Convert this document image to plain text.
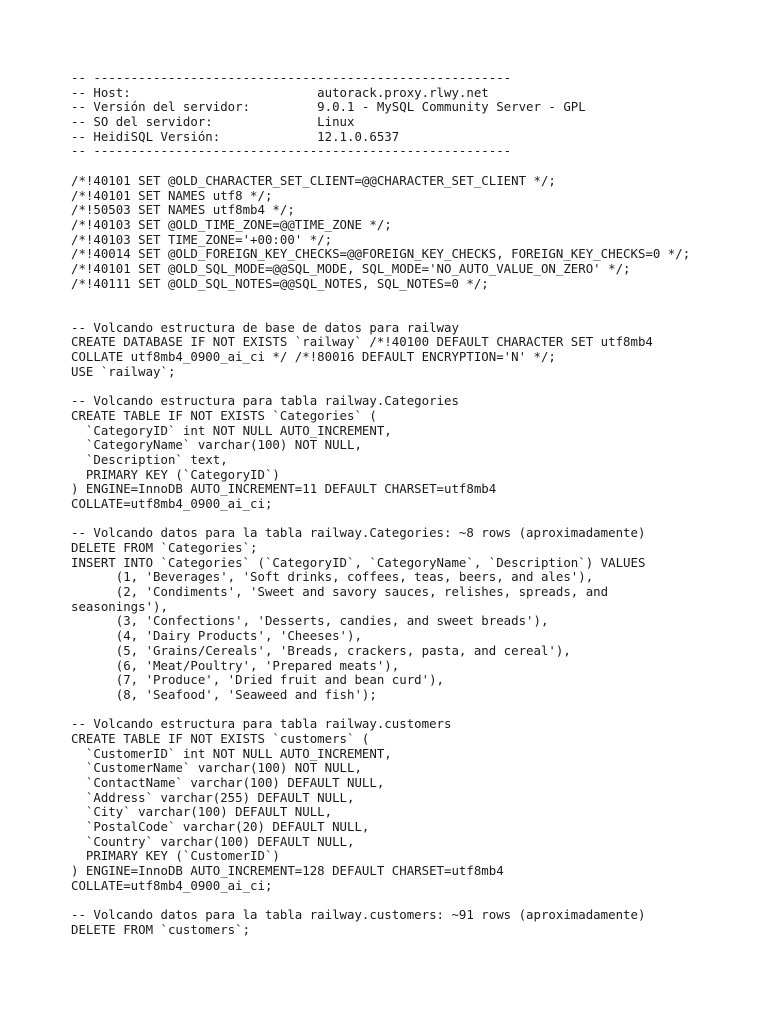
-- --------------------------------------------------------
-- Host:                         autorack.proxy.rlwy.net
-- Versión del servidor:         9.0.1 - MySQL Community Server - GPL
-- SO del servidor:              Linux
-- HeidiSQL Versión:             12.1.0.6537
-- --------------------------------------------------------
/*!40101 SET @OLD_CHARACTER_SET_CLIENT=@@CHARACTER_SET_CLIENT */;
/*!40101 SET NAMES utf8 */;
/*!50503 SET NAMES utf8mb4 */;
/*!40103 SET @OLD_TIME_ZONE=@@TIME_ZONE */;
/*!40103 SET TIME_ZONE='+00:00' */;
/*!40014 SET @OLD_FOREIGN_KEY_CHECKS=@@FOREIGN_KEY_CHECKS, FOREIGN_KEY_CHECKS=0 */;
/*!40101 SET @OLD_SQL_MODE=@@SQL_MODE, SQL_MODE='NO_AUTO_VALUE_ON_ZERO' */;
/*!40111 SET @OLD_SQL_NOTES=@@SQL_NOTES, SQL_NOTES=0 */;
-- Volcando estructura de base de datos para railway
CREATE DATABASE IF NOT EXISTS `railway` /*!40100 DEFAULT CHARACTER SET utf8mb4
COLLATE utf8mb4_0900_ai_ci */ /*!80016 DEFAULT ENCRYPTION='N' */;
USE `railway`;
-- Volcando estructura para tabla railway.Categories
CREATE TABLE IF NOT EXISTS `Categories` (
`CategoryID` int NOT NULL AUTO_INCREMENT,
`CategoryName` varchar(100) NOT NULL,
`Description` text,
PRIMARY KEY (`CategoryID`)
) ENGINE=InnoDB AUTO_INCREMENT=11 DEFAULT CHARSET=utf8mb4
COLLATE=utf8mb4_0900_ai_ci;
-- Volcando datos para la tabla railway.Categories: ~8 rows (aproximadamente)
DELETE FROM `Categories`;
INSERT INTO `Categories` (`CategoryID`, `CategoryName`, `Description`) VALUES
(1, 'Beverages', 'Soft drinks, coffees, teas, beers, and ales'),
(2, 'Condiments', 'Sweet and savory sauces, relishes, spreads, and
seasonings'),
(3, 'Confections', 'Desserts, candies, and sweet breads'),
(4, 'Dairy Products', 'Cheeses'),
(5, 'Grains/Cereals', 'Breads, crackers, pasta, and cereal'),
(6, 'Meat/Poultry', 'Prepared meats'),
(7, 'Produce', 'Dried fruit and bean curd'),
(8, 'Seafood', 'Seaweed and fish');
-- Volcando estructura para tabla railway.customers
CREATE TABLE IF NOT EXISTS `customers` (
`CustomerID` int NOT NULL AUTO_INCREMENT,
`CustomerName` varchar(100) NOT NULL,
`ContactName` varchar(100) DEFAULT NULL,
`Address` varchar(255) DEFAULT NULL,
`City` varchar(100) DEFAULT NULL,
`PostalCode` varchar(20) DEFAULT NULL,
`Country` varchar(100) DEFAULT NULL,
PRIMARY KEY (`CustomerID`)
) ENGINE=InnoDB AUTO_INCREMENT=128 DEFAULT CHARSET=utf8mb4
COLLATE=utf8mb4_0900_ai_ci;
-- Volcando datos para la tabla railway.customers: ~91 rows (aproximadamente)
DELETE FROM `customers`;
